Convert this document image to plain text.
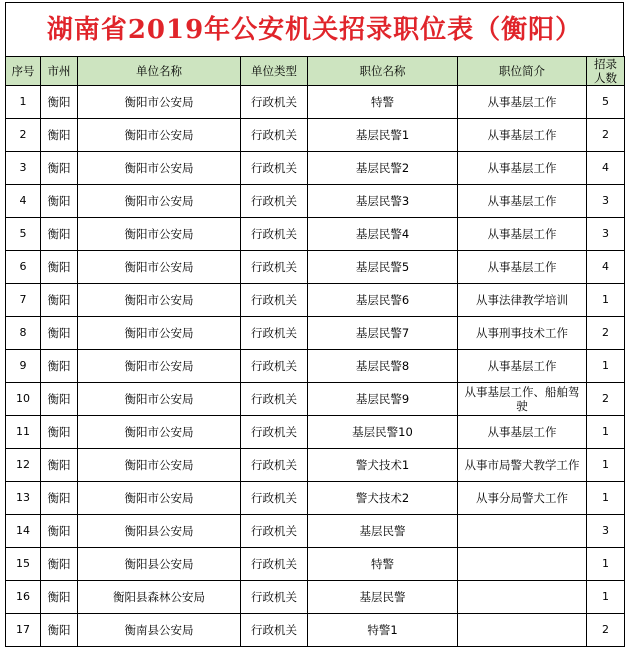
湖南省2019年公安机关招录职位表（衡阳）
序号	市州	单位名称	单位类型	职位名称	职位简介	招录人数

1	衡阳	衡阳市公安局	行政机关	特警	从事基层工作	5
2	衡阳	衡阳市公安局	行政机关	基层民警1	从事基层工作	2
3	衡阳	衡阳市公安局	行政机关	基层民警2	从事基层工作	4
4	衡阳	衡阳市公安局	行政机关	基层民警3	从事基层工作	3
5	衡阳	衡阳市公安局	行政机关	基层民警4	从事基层工作	3
6	衡阳	衡阳市公安局	行政机关	基层民警5	从事基层工作	4
7	衡阳	衡阳市公安局	行政机关	基层民警6	从事法律教学培训	1
8	衡阳	衡阳市公安局	行政机关	基层民警7	从事刑事技术工作	2
9	衡阳	衡阳市公安局	行政机关	基层民警8	从事基层工作	1
10	衡阳	衡阳市公安局	行政机关	基层民警9	从事基层工作、船舶驾驶	2
11	衡阳	衡阳市公安局	行政机关	基层民警10	从事基层工作	1
12	衡阳	衡阳市公安局	行政机关	警犬技术1	从事市局警犬教学工作	1
13	衡阳	衡阳市公安局	行政机关	警犬技术2	从事分局警犬工作	1
14	衡阳	衡阳县公安局	行政机关	基层民警		3
15	衡阳	衡阳县公安局	行政机关	特警		1
16	衡阳	衡阳县森林公安局	行政机关	基层民警		1
17	衡阳	衡南县公安局	行政机关	特警1		2
